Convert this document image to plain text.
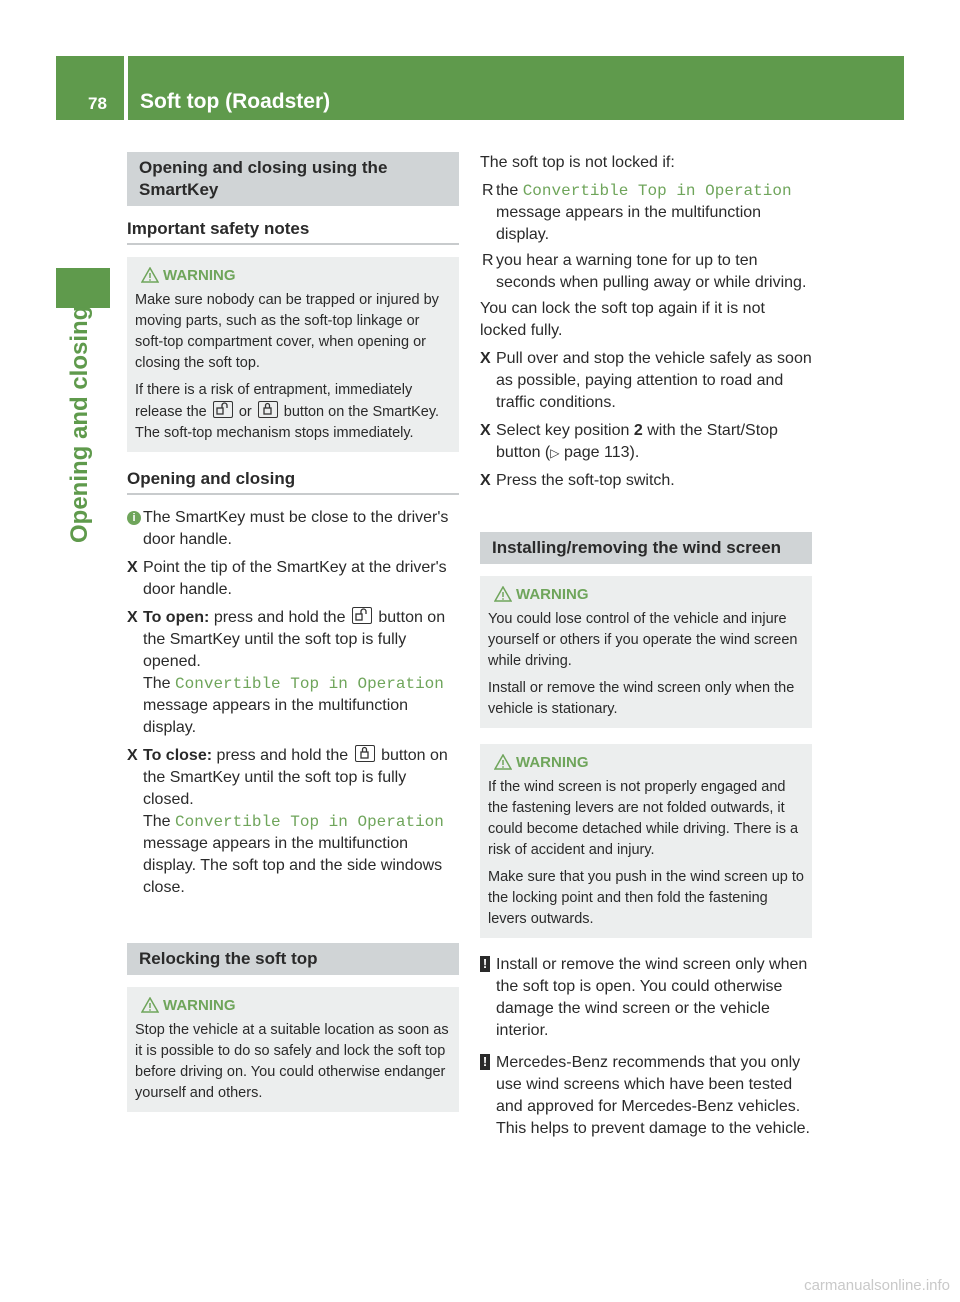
78 Soft top (Roadster)
Opening and closing
Opening and closing using the SmartKey
Important safety notes
WARNING

Make sure nobody can be trapped or injured by moving parts, such as the soft-top linkage or soft-top compartment cover, when opening or closing the soft top.

If there is a risk of entrapment, immediately release the or button on the SmartKey. The soft-top mechanism stops immediately.

Opening and closing
i The SmartKey must be close to the driver's door handle.
X Point the tip of the SmartKey at the driver's door handle.
X To open: press and hold the button on the SmartKey until the soft top is fully opened.
The Convertible Top in Operation message appears in the multifunction display.
X To close: press and hold the button on the SmartKey until the soft top is fully closed.
The Convertible Top in Operation message appears in the multifunction display. The soft top and the side windows close.
Relocking the soft top
WARNING

Stop the vehicle at a suitable location as soon as it is possible to do so safely and lock the soft top before driving on. You could otherwise endanger yourself and others.

The soft top is not locked if:

R the Convertible Top in Operation message appears in the multifunction display.
R you hear a warning tone for up to ten seconds when pulling away or while driving.

You can lock the soft top again if it is not locked fully.

X Pull over and stop the vehicle safely as soon as possible, paying attention to road and traffic conditions.
X Select key position 2 with the Start/Stop button (▷ page 113).
X Press the soft-top switch.
Installing/removing the wind screen
WARNING

You could lose control of the vehicle and injure yourself or others if you operate the wind screen while driving.

Install or remove the wind screen only when the vehicle is stationary.

WARNING

If the wind screen is not properly engaged and the fastening levers are not folded outwards, it could become detached while driving. There is a risk of accident and injury.

Make sure that you push in the wind screen up to the locking point and then fold the fastening levers outwards.

! Install or remove the wind screen only when the soft top is open. You could otherwise damage the wind screen or the vehicle interior.
! Mercedes-Benz recommends that you only use wind screens which have been tested and approved for Mercedes-Benz vehicles. This helps to prevent damage to the vehicle.
carmanualsonline.info
